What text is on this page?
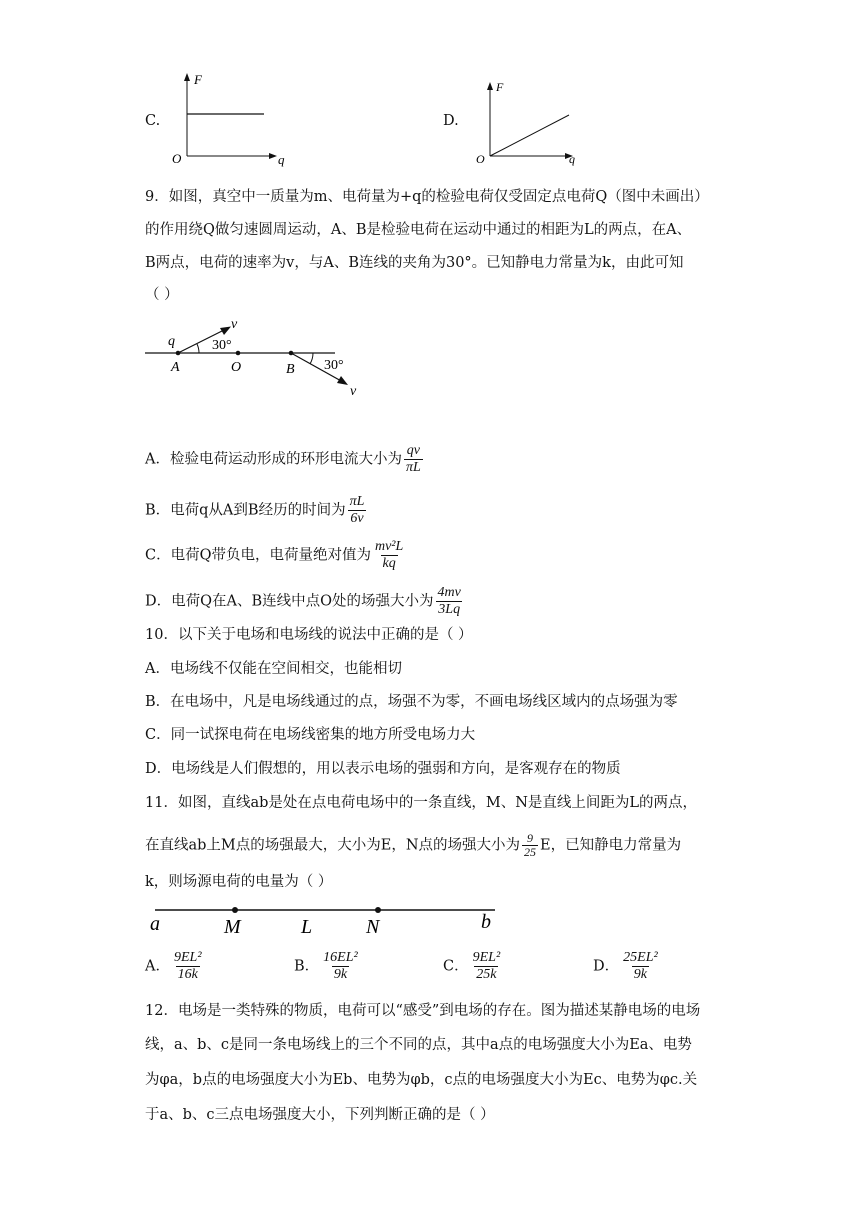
C.
F
O	q
D.
F
O	q
9．如图，真空中一质量为m、电荷量为+q的检验电荷仅受固定点电荷Q（图中未画出）
的作用绕Q做匀速圆周运动，A、B是检验电荷在运动中通过的相距为L的两点，在A、
B两点，电荷的速率为v，与A、B连线的夹角为30°。已知静电力常量为k，由此可知
（ ）
q
v
30°
A	O	B 30°
v
A．检验电荷运动形成的环形电流大小为 $\frac{qv}{\pi L}$
B．电荷q从A到B经历的时间为 $\frac{\pi L}{6v}$
C．电荷Q带负电，电荷量绝对值为 $\frac{\text{mv²L}}{kq}$
D．电荷Q在A、B连线中点O处的场强大小为 $\frac{4mv}{3Lq}$
10．以下关于电场和电场线的说法中正确的是（ ）
A．电场线不仅能在空间相交，也能相切
B．在电场中，凡是电场线通过的点，场强不为零，不画电场线区域内的点场强为零
C．同一试探电荷在电场线密集的地方所受电场力大
D．电场线是人们假想的，用以表示电场的强弱和方向，是客观存在的物质
11．如图，直线ab是处在点电荷电场中的一条直线，M、N是直线上间距为L的两点，
在直线ab上M点的场强最大，大小为E，N点的场强大小为 $\frac{9}{25}$ E，已知静电力常量为
k，则场源电荷的电量为（ ）
a	M	L	N	b
A． $\frac{\text{9EL²}}{16k}$	B． $\frac{\text{16EL²}}{9k}$	C． $\frac{\text{9EL²}}{25k}$	D． $\frac{\text{25EL²}}{9k}$
12．电场是一类特殊的物质，电荷可以“感受”到电场的存在。图为描述某静电场的电场
线，a、b、c是同一条电场线上的三个不同的点，其中a点的电场强度大小为Ea、电势
为φa，b点的电场强度大小为Eb、电势为φb，c点的电场强度大小为Ec、电势为φc.关
于a、b、c三点电场强度大小，下列判断正确的是（ ）
